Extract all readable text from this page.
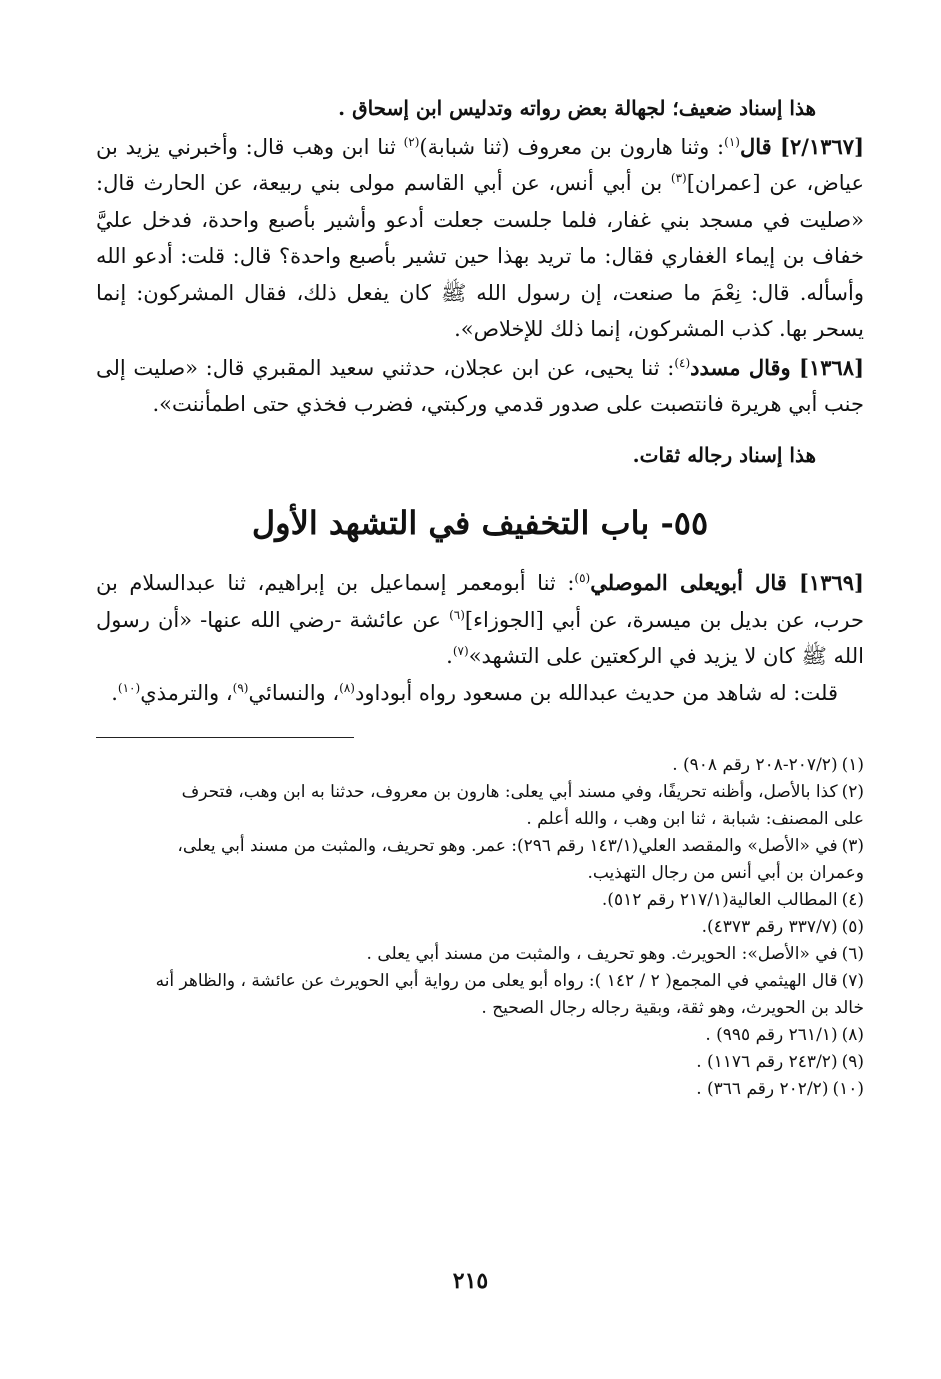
هذا إسناد ضعيف؛ لجهالة بعض رواته وتدليس ابن إسحاق .

[٢/١٣٦٧] قال$^{(١)}$: وثنا هارون بن معروف (ثنا شبابة)$^{(٢)}$ ثنا ابن وهب قال: وأخبرني يزيد بن عياض، عن [عمران]$^{(٣)}$ بن أبي أنس، عن أبي القاسم مولى بني ربيعة، عن الحارث قال: «صليت في مسجد بني غفار، فلما جلست جعلت أدعو وأشير بأصبع واحدة، فدخل عليَّ خفاف بن إيماء الغفاري فقال: ما تريد بهذا حين تشير بأصبع واحدة؟ قال: قلت: أدعو الله وأسأله. قال: نِعْمَ ما صنعت، إن رسول الله ﷺ كان يفعل ذلك، فقال المشركون: إنما يسحر بها. كذب المشركون، إنما ذلك للإخلاص».

[١٣٦٨] وقال مسدد$^{(٤)}$: ثنا يحيى، عن ابن عجلان، حدثني سعيد المقبري قال: «صليت إلى جنب أبي هريرة فانتصبت على صدور قدمي وركبتي، فضرب فخذي حتى اطمأننت».

هذا إسناد رجاله ثقات.

٥٥- باب التخفيف في التشهد الأول

[١٣٦٩] قال أبويعلى الموصلي$^{(٥)}$: ثنا أبومعمر إسماعيل بن إبراهيم، ثنا عبدالسلام بن حرب، عن بديل بن ميسرة، عن أبي [الجوزاء]$^{(٦)}$ عن عائشة -رضي الله عنها- «أن رسول الله ﷺ كان لا يزيد في الركعتين على التشهد»$^{(٧)}$.

قلت: له شاهد من حديث عبدالله بن مسعود رواه أبوداود$^{(٨)}$، والنسائي$^{(٩)}$، والترمذي$^{(١٠)}$.

(١)(٢٠٧/٢-٢٠٨ رقم ٩٠٨) .

(٢)كذا بالأصل، وأظنه تحريفًا، وفي مسند أبي يعلى: هارون بن معروف، حدثنا به ابن وهب، فتحرف

على المصنف: شبابة ، ثنا ابن وهب ، والله أعلم .

(٣)في «الأصل» والمقصد العلي(١٤٣/١ رقم ٢٩٦): عمر. وهو تحريف، والمثبت من مسند أبي يعلى،

وعمران بن أبي أنس من رجال التهذيب.

(٤)المطالب العالية(٢١٧/١ رقم ٥١٢).

(٥)(٣٣٧/٧ رقم ٤٣٧٣).

(٦)في «الأصل»: الحويرث. وهو تحريف ، والمثبت من مسند أبي يعلى .

(٧)قال الهيثمي في المجمع( ٢ / ١٤٢ ): رواه أبو يعلى من رواية أبي الحويرث عن عائشة ، والظاهر أنه

خالد بن الحويرث، وهو ثقة، وبقية رجاله رجال الصحيح .

(٨)(٢٦١/١ رقم ٩٩٥) .

(٩)(٢٤٣/٢ رقم ١١٧٦) .

(١٠)(٢٠٢/٢ رقم ٣٦٦) .

٢١٥
